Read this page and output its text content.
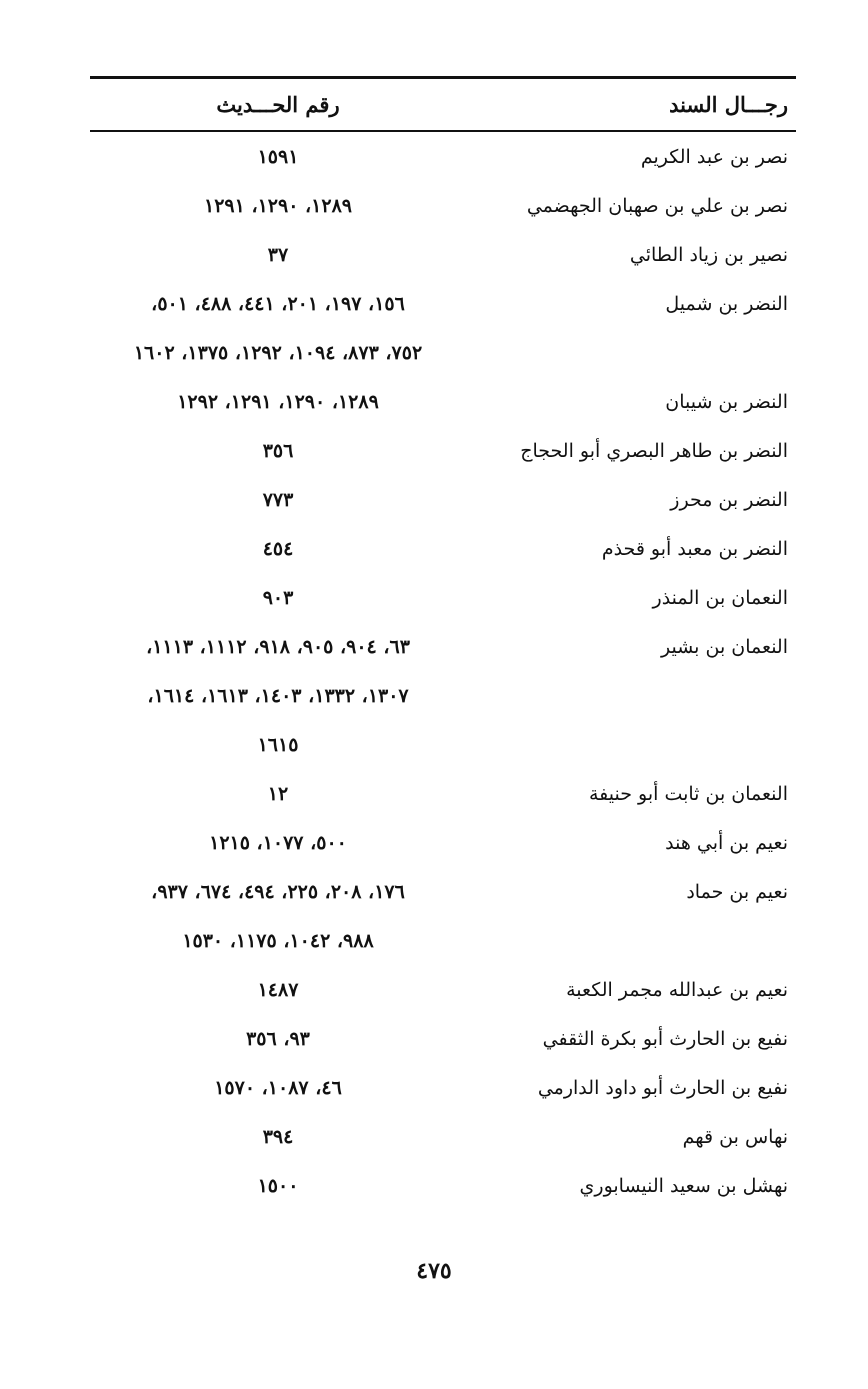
رجـــال السند
رقم الحـــديث
نصر بن عبد الكريم
١٥٩١
نصر بن علي بن صهبان الجهضمي
١٢٨٩، ١٢٩٠، ١٢٩١
نصير بن زياد الطائي
٣٧
النضر بن شميل
١٥٦، ١٩٧، ٢٠١، ٤٤١، ٤٨٨، ٥٠١،
٧٥٢، ٨٧٣، ١٠٩٤، ١٢٩٢، ١٣٧٥، ١٦٠٢
النضر بن شيبان
١٢٨٩، ١٢٩٠، ١٢٩١، ١٢٩٢
النضر بن طاهر البصري أبو الحجاج
٣٥٦
النضر بن محرز
٧٧٣
النضر بن معبد أبو قحذم
٤٥٤
النعمان بن المنذر
٩٠٣
النعمان بن بشير
٦٣، ٩٠٤، ٩٠٥، ٩١٨، ١١١٢، ١١١٣،
١٣٠٧، ١٣٣٢، ١٤٠٣، ١٦١٣، ١٦١٤،
١٦١٥
النعمان بن ثابت أبو حنيفة
١٢
نعيم بن أبي هند
٥٠٠، ١٠٧٧، ١٢١٥
نعيم بن حماد
١٧٦، ٢٠٨، ٢٢٥، ٤٩٤، ٦٧٤، ٩٣٧،
٩٨٨، ١٠٤٢، ١١٧٥، ١٥٣٠
نعيم بن عبدالله مجمر الكعبة
١٤٨٧
نفيع بن الحارث أبو بكرة الثقفي
٩٣، ٣٥٦
نفيع بن الحارث أبو داود الدارمي
٤٦، ١٠٨٧، ١٥٧٠
نهاس بن قهم
٣٩٤
نهشل بن سعيد النيسابوري
١٥٠٠
٤٧٥
